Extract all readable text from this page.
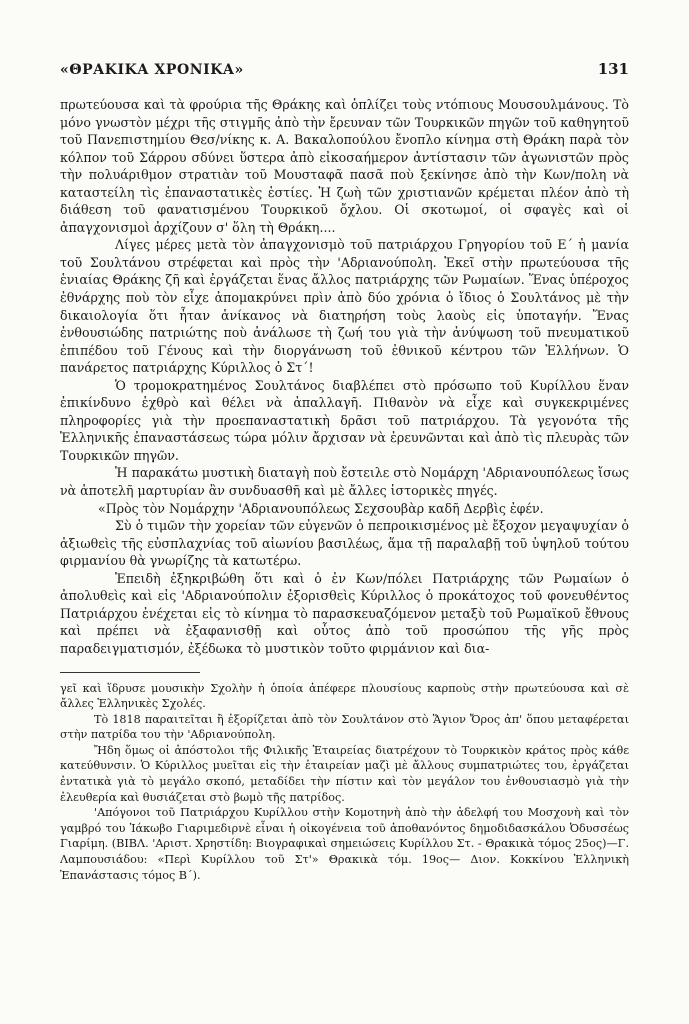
«ΘΡΑΚΙΚΑ ΧΡΟΝΙΚΑ»	131

πρωτεύουσα καὶ τὰ φρούρια τῆς Θράκης καὶ ὁπλίζει τοὺς ντόπιους Μουσουλμάνους. Τὸ μόνο γνωστὸν μέχρι τῆς στιγμῆς ἀπὸ τὴν ἔρευναν τῶν Τουρκικῶν πηγῶν τοῦ καθηγητοῦ τοῦ Πανεπιστημίου Θεσ/νίκης κ. Α. Βακαλοπούλου ἔνοπλο κίνημα στὴ Θράκη παρὰ τὸν κόλπον τοῦ Σάρρου σδύνει ὕστερα ἀπὸ εἰκοσαήμερον ἀντίστασιν τῶν ἀγωνιστῶν πρὸς τὴν πολυάριθμον στρατιὰν τοῦ Μουσταφᾶ πασᾶ ποὺ ξεκίνησε ἀπὸ τὴν Κων/πολη νὰ καταστείλη τὶς ἐπαναστατικὲς ἑστίες. Ἡ ζωὴ τῶν χριστιανῶν κρέμεται πλέον ἀπὸ τὴ διάθεση τοῦ φανατισμένου Τουρκικοῦ ὄχλου. Οἱ σκοτωμοί, οἱ σφαγὲς καὶ οἱ ἀπαγχονισμοὶ ἀρχίζουν σ' ὅλη τὴ Θράκη....

Λίγες μέρες μετὰ τὸν ἀπαγχονισμὸ τοῦ πατριάρχου Γρηγορίου τοῦ Ε΄ ἡ μανία τοῦ Σουλτάνου στρέφεται καὶ πρὸς τὴν 'Αδριανούπολη. Ἐκεῖ στὴν πρωτεύουσα τῆς ἑνιαίας Θράκης ζῆ καὶ ἐργάζεται ἕνας ἄλλος πατριάρχης τῶν Ρωμαίων. Ἕνας ὑπέροχος ἐθνάρχης ποὺ τὸν εἶχε ἀπομακρύνει πρὶν ἀπὸ δύο χρόνια ὁ ἴδιος ὁ Σουλτάνος μὲ τὴν δικαιολογία ὅτι ἦταν ἀνίκανος νὰ διατηρήση τοὺς λαοὺς εἰς ὑποταγήν. Ἕνας ἐνθουσιώδης πατριώτης ποὺ ἀνάλωσε τὴ ζωή του γιὰ τὴν ἀνύψωση τοῦ πνευματικοῦ ἐπιπέδου τοῦ Γένους καὶ τὴν διοργάνωση τοῦ ἐθνικοῦ κέντρου τῶν Ἑλλήνων. Ὁ πανάρετος πατριάρχης Κύριλλος ὁ Στ΄!

Ὁ τρομοκρατημένος Σουλτάνος διαβλέπει στὸ πρόσωπο τοῦ Κυρίλλου ἕναν ἐπικίνδυνο ἐχθρὸ καὶ θέλει νὰ ἀπαλλαγῆ. Πιθανὸν νὰ εἶχε καὶ συγκεκριμένες πληροφορίες γιὰ τὴν προεπαναστατικὴ δρᾶσι τοῦ πατριάρχου. Τὰ γεγονότα τῆς Ἑλληνικῆς ἐπαναστάσεως τώρα μόλιν ἄρχισαν νὰ ἐρευνῶνται καὶ ἀπὸ τὶς πλευρὰς τῶν Τουρκικῶν πηγῶν.

Ἡ παρακάτω μυστικὴ διαταγὴ ποὺ ἔστειλε στὸ Νομάρχη 'Αδριανουπόλεως ἴσως νὰ ἀποτελῆ μαρτυρίαν ἂν συνδυασθῆ καὶ μὲ ἄλλες ἱστορικὲς πηγές.

«Πρὸς τὸν Νομάρχην 'Αδριανουπόλεως Σεχσουβὰρ καδῆ Δερβὶς ἐφέν.

Σὺ ὁ τιμῶν τὴν χορείαν τῶν εὐγενῶν ὁ πεπροικισμένος μὲ ἔξοχον μεγαψυχίαν ὁ ἀξιωθεὶς τῆς εὐσπλαχνίας τοῦ αἰωνίου βασιλέως, ἅμα τῇ παραλαβῇ τοῦ ὑψηλοῦ τούτου φιρμανίου θὰ γνωρίζης τὰ κατωτέρω.

Ἐπειδὴ ἐξηκριβώθη ὅτι καὶ ὁ ἐν Κων/πόλει Πατριάρχης τῶν Ρωμαίων ὁ ἀπολυθεὶς καὶ εἰς 'Αδριανούπολιν ἐξορισθεὶς Κύριλλος ὁ προκάτοχος τοῦ φονευθέντος Πατριάρχου ἐνέχεται εἰς τὸ κίνημα τὸ παρασκευαζόμενον μεταξὺ τοῦ Ρωμαϊκοῦ ἔθνους καὶ πρέπει νὰ ἐξαφανισθῇ καὶ οὗτος ἀπὸ τοῦ προσώπου τῆς γῆς πρὸς παραδειγματισμόν, ἐξέδωκα τὸ μυστικὸν τοῦτο φιρμάνιον καὶ δια-

γεῖ καὶ ἵδρυσε μουσικὴν Σχολὴν ἡ ὁποία ἀπέφερε πλουσίους καρποὺς στὴν πρωτεύουσα καὶ σὲ ἄλλες Ἑλληνικὲς Σχολές.

Τὸ 1818 παραιτεῖται ἢ ἐξορίζεται ἀπὸ τὸν Σουλτάνον στὸ Ἅγιον Ὄρος ἀπ' ὅπου μεταφέρεται στὴν πατρίδα του τὴν 'Αδριανούπολη.

Ἤδη ὅμως οἱ ἀπόστολοι τῆς Φιλικῆς Ἑταιρείας διατρέχουν τὸ Τουρκικὸν κράτος πρὸς κάθε κατεύθυνσιν. Ὁ Κύριλλος μυεῖται εἰς τὴν ἑταιρείαν μαζὶ μὲ ἄλλους συμπατριώτες του, ἐργάζεται ἐντατικὰ γιὰ τὸ μεγάλο σκοπό, μεταδίδει τὴν πίστιν καὶ τὸν μεγάλον του ἐνθουσιασμὸ γιὰ τὴν ἐλευθερία καὶ θυσιάζεται στὸ βωμὸ τῆς πατρίδος.

'Απόγονοι τοῦ Πατριάρχου Κυρίλλου στὴν Κομοτηνὴ ἀπὸ τὴν ἀδελφή του Μοσχονὴ καὶ τὸν γαμβρό του Ἰάκωβο Γιαριμεδιρνὲ εἶναι ἡ οἰκογένεια τοῦ ἀποθανόντος δημοδιδασκάλου Ὀδυσσέως Γιαρίμη. (ΒΙΒΛ. 'Αριστ. Χρηστίδη: Βιογραφικαὶ σημειώσεις Κυρίλλου Στ. - Θρακικὰ τόμος 25ος)—Γ. Λαμπουσιάδου: «Περὶ Κυρίλλου τοῦ Στ'» Θρακικὰ τόμ. 19ος— Διον. Κοκκίνου Ἑλληνικὴ Ἐπανάστασις τόμος Β΄).
